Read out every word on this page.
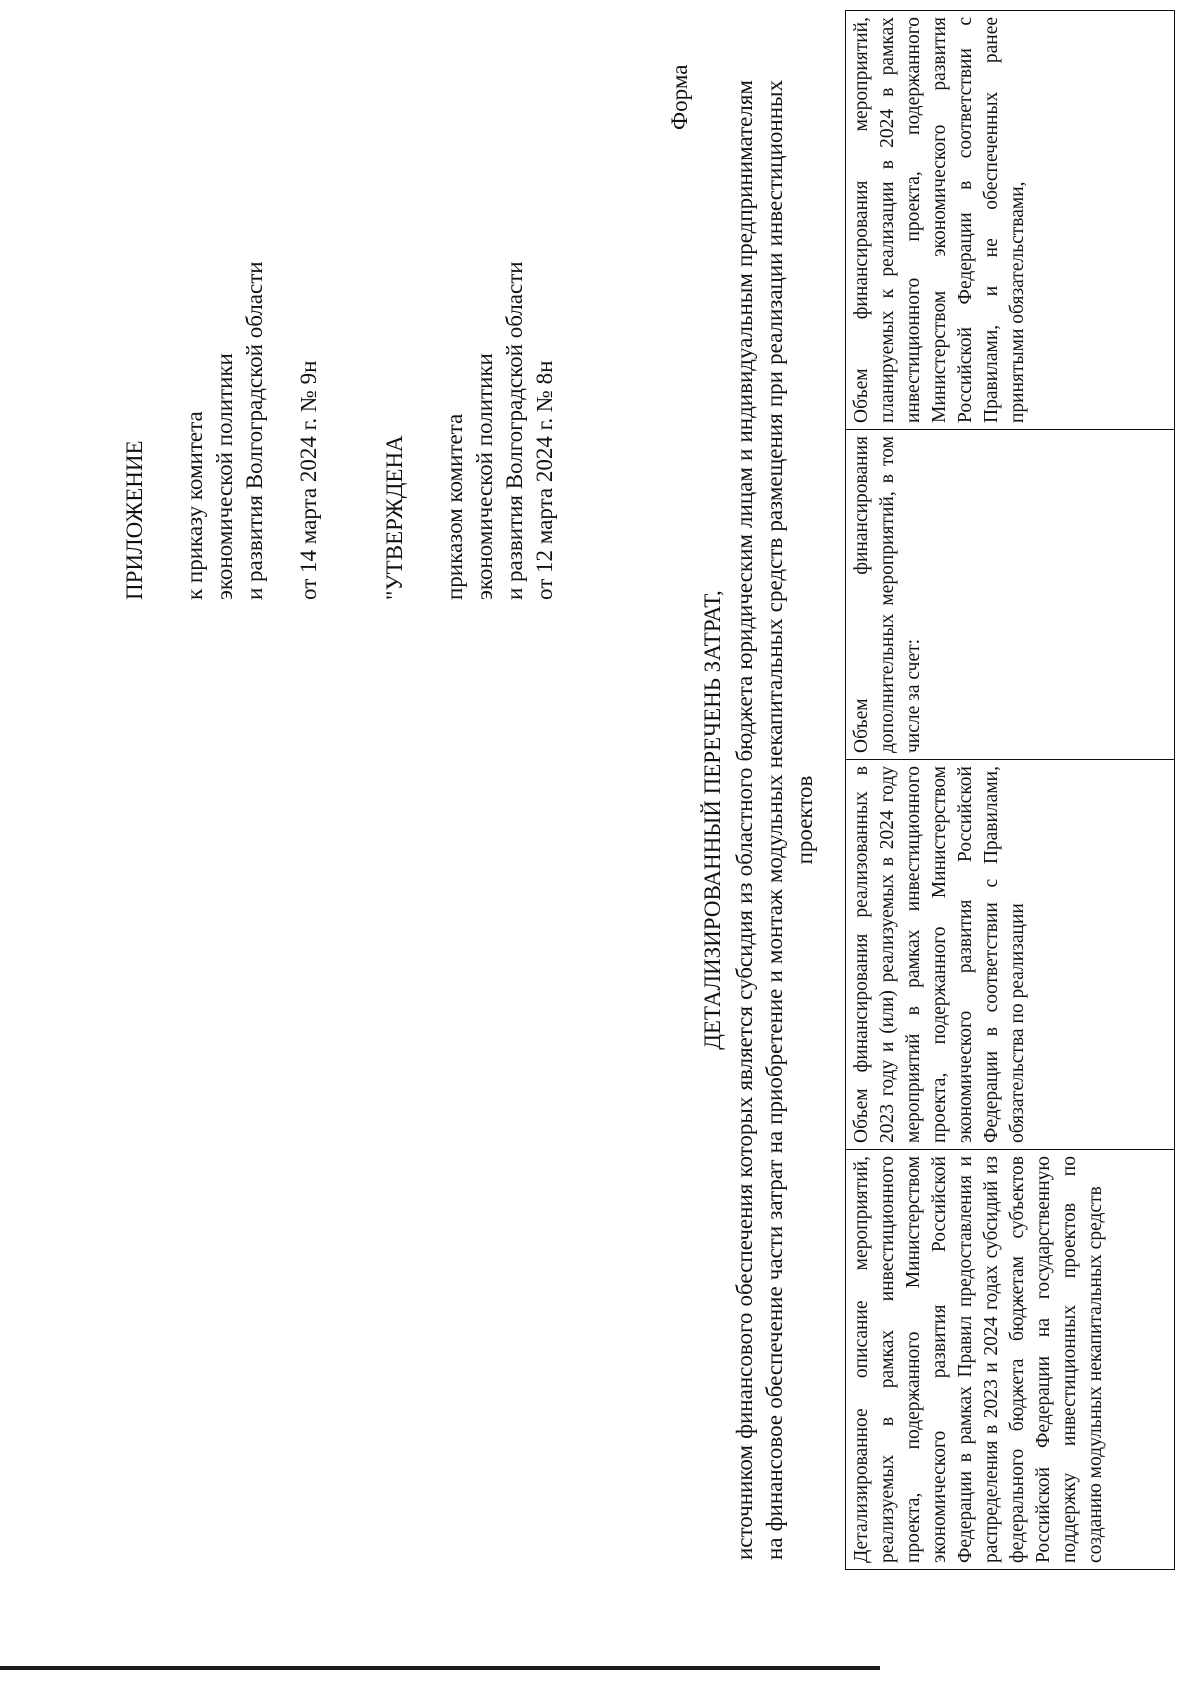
ПРИЛОЖЕНИЕ к приказу комитета экономической политики и развития Волгоградской области от 14 марта 2024 г. № 9н	"УТВЕРЖДЕНА приказом комитета экономической политики и развития Волгоградской области от 12 марта 2024 г. № 8н

Форма
ДЕТАЛИЗИРОВАННЫЙ ПЕРЕЧЕНЬ ЗАТРАТ, источником финансового обеспечения которых является субсидия из областного бюджета юридическим лицам и индивидуальным предпринимателям на финансовое обеспечение части затрат на приобретение и монтаж модульных некапитальных средств размещения при реализации инвестиционных проектов
Детализированное описание мероприятий, реализуемых в рамках инвестиционного проекта, подержанного Министерством экономического развития Российской Федерации в рамках Правил предоставления и распределения в 2023 и 2024 годах субсидий из федерального бюджета бюджетам субъектов Российской Федерации на государственную поддержку инвестиционных проектов по созданию модульных некапитальных средств
Объем финансирования реализованных в 2023 году и (или) реализуемых в 2024 году мероприятий в рамках инвестиционного проекта, подержанного Министерством экономического развития Российской Федерации в соответствии с Правилами, обязательства по реализации
Объем финансирования дополнительных мероприятий, в том числе за счет:
Объем финансирования мероприятий, планируемых к реализации в 2024 в рамках инвестиционного проекта, подержанного Министерством экономического развития Российской Федерации в соответствии с Правилами, и не обеспеченных ранее принятыми обязательствами,
